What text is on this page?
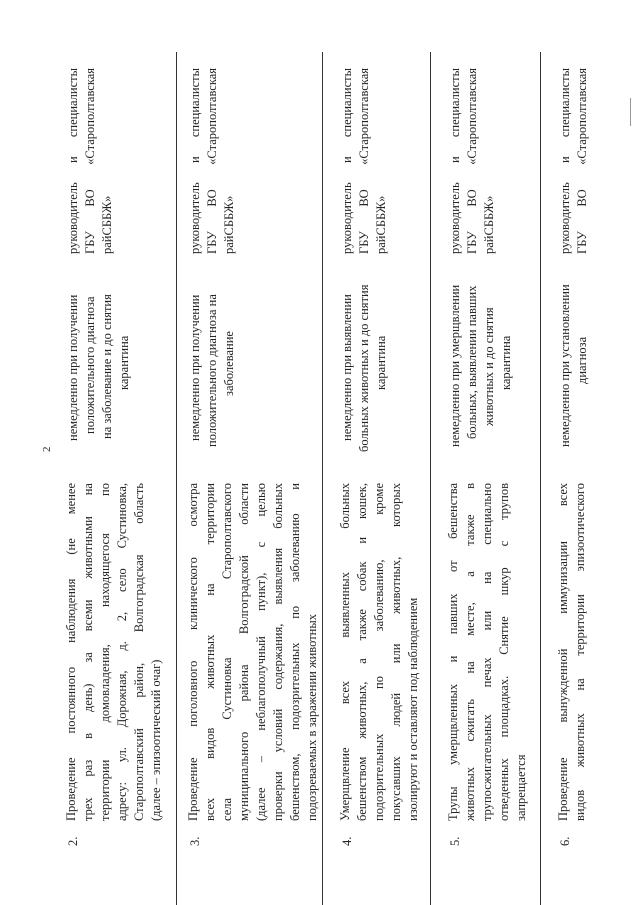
2
2.
Проведение постоянного наблюдения (не менее трех раз в день) за всеми животными на территории домовладения, находящегося по адресу: ул. Дорожная, д. 2, село Сустиновка, Старополтавский район, Волгоградская область (далее – эпизоотический очаг)
немедленно при получении положительного диагноза на заболевание и до снятия карантина
руководитель и специалисты ГБУ ВО «Старополтавская райСББЖ»
3.
Проведение поголовного клинического осмотра всех видов животных на территории села Сустиновка Старополтавского муниципального района Волгоградской области (далее – неблагополучный пункт), с целью проверки условий содержания, выявления больных бешенством, подозрительных по заболеванию и подозреваемых в заражении животных
немедленно при получении положительного диагноза на заболевание
руководитель и специалисты ГБУ ВО «Старополтавская райСББЖ»
4.
Умерщвление всех выявленных больных бешенством животных, а также собак и кошек, подозрительных по заболеванию, кроме покусавших людей или животных, которых изолируют и оставляют под наблюдением
немедленно при выявлении больных животных и до снятия карантина
руководитель и специалисты ГБУ ВО «Старополтавская райСББЖ»
5.
Трупы умерщвленных и павших от бешенства животных сжигать на месте, а также в трупосжигательных печах или на специально отведенных площадках. Снятие шкур с трупов запрещается
немедленно при умерщвлении больных, выявлении павших животных и до снятия карантина
руководитель и специалисты ГБУ ВО «Старополтавская райСББЖ»
6.
Проведение вынужденной иммунизации всех видов животных на территории эпизоотического
немедленно при установлении диагноза
руководитель и специалисты ГБУ ВО «Старополтавская
